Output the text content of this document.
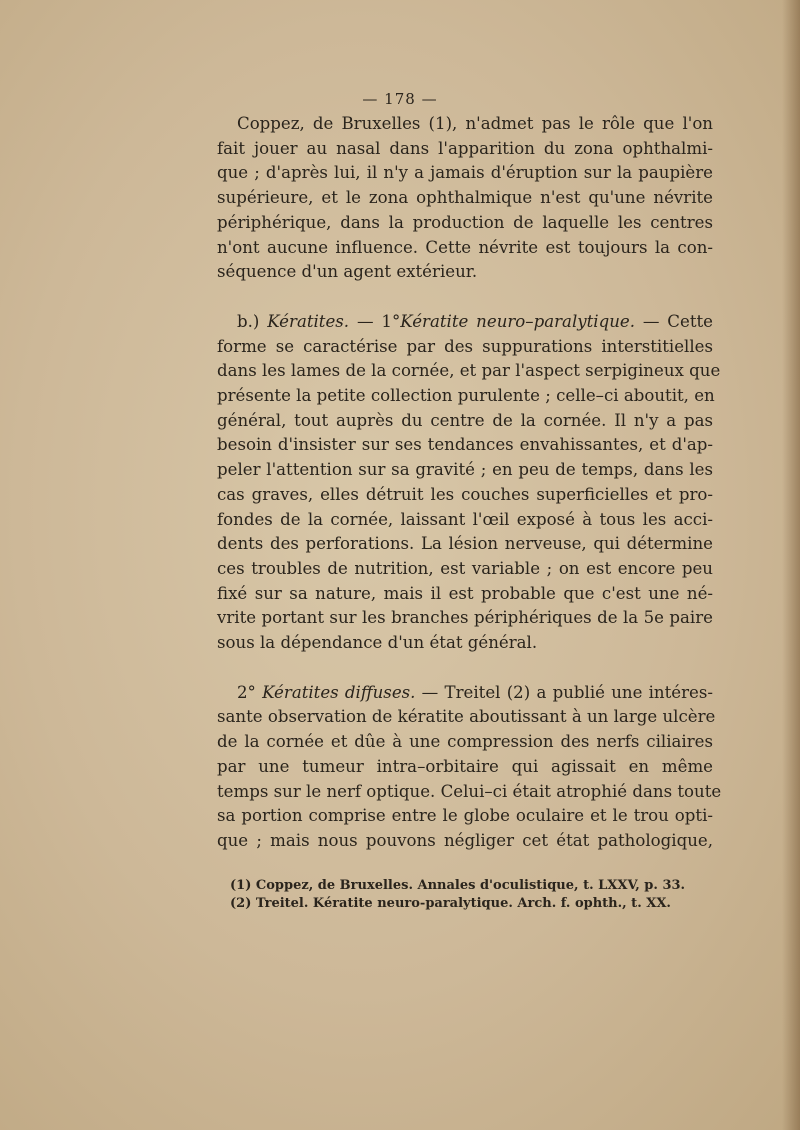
— 178 —
Coppez, de Bruxelles (1), n'admet pas le rôle que l'on
fait jouer au nasal dans l'apparition du zona ophthalmi-
que ; d'après lui, il n'y a jamais d'éruption sur la paupière
supérieure, et le zona ophthalmique n'est qu'une névrite
périphérique, dans la production de laquelle les centres
n'ont aucune influence. Cette névrite est toujours la con-
séquence d'un agent extérieur.
b.) Kératites. — 1°Kératite neuro–paralytique. — Cette
forme se caractérise par des suppurations interstitielles
dans les lames de la cornée, et par l'aspect serpigineux que
présente la petite collection purulente ; celle–ci aboutit, en
général, tout auprès du centre de la cornée. Il n'y a pas
besoin d'insister sur ses tendances envahissantes, et d'ap-
peler l'attention sur sa gravité ; en peu de temps, dans les
cas graves, elles détruit les couches superficielles et pro-
fondes de la cornée, laissant l'œil exposé à tous les acci-
dents des perforations. La lésion nerveuse, qui détermine
ces troubles de nutrition, est variable ; on est encore peu
fixé sur sa nature, mais il est probable que c'est une né-
vrite portant sur les branches périphériques de la 5e paire
sous la dépendance d'un état général.
2° Kératites diffuses. — Treitel (2) a publié une intéres-
sante observation de kératite aboutissant à un large ulcère
de la cornée et dûe à une compression des nerfs ciliaires
par une tumeur intra–orbitaire qui agissait en même
temps sur le nerf optique. Celui–ci était atrophié dans toute
sa portion comprise entre le globe oculaire et le trou opti-
que ; mais nous pouvons négliger cet état pathologique,
(1) Coppez, de Bruxelles. Annales d'oculistique, t. LXXV, p. 33.
(2) Treitel. Kératite neuro-paralytique. Arch. f. ophth., t. XX.
